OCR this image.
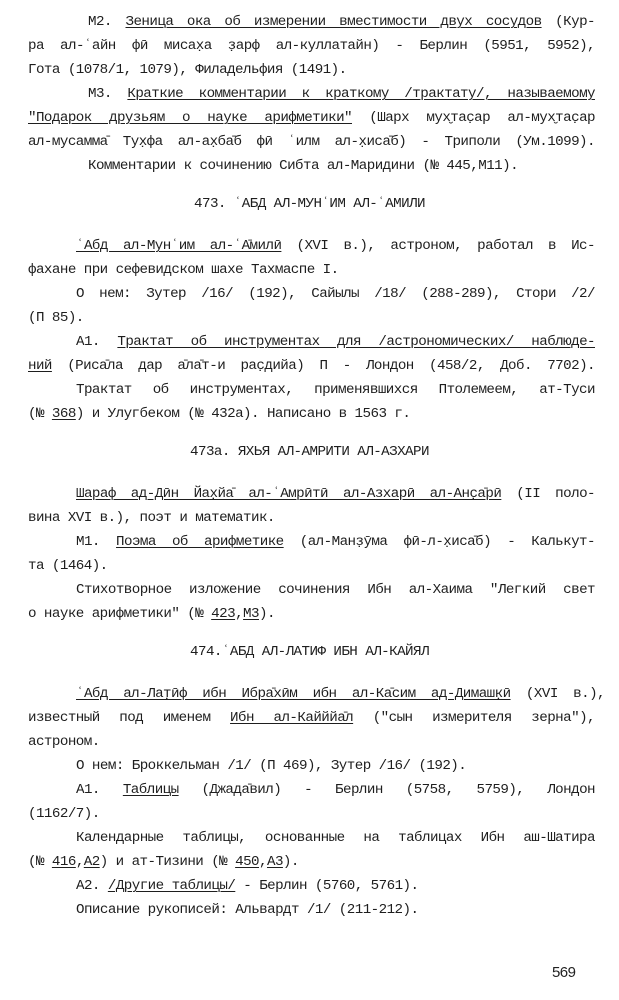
М2. Зеница ока об измерении вместимости двух сосудов (Кур-
ра ал-ʿайн фӣ мисах̣а з̣арф ал-куллатайн) - Берлин (5951, 5952),
Гота (1078/1, 1079), Филадельфия (1491).
М3. Краткие комментарии к краткому /трактату/, называемому
"Подарок друзьям о науке арифметики" (Шарх мух̮тас̣ар ал-мух̮тас̣ар
ал-мусамма̄ Тух̣фа ал-ах̣ба̄б фӣ ʿилм ал-х̣иса̄б) - Триполи (Ум.1099).
Комментарии к сочинению Сибта ал-Маридини (№ 445,М11).
473. ʿАБД АЛ-МУНʿИМ АЛ-ʿАМИЛИ
ʿАбд ал-Мунʿим ал-ʿА̄милӣ (XVI в.), астроном, работал в Ис-
фахане при сефевидском шахе Тахмаспе I.
О нем: Зутер /16/ (192), Сайылы /18/ (288-289), Стори /2/
(П 85).
А1. Трактат об инструментах для /астрономических/ наблюде-
ний (Риса̄ла дар а̄ла̄т-и рас̣дийа) П - Лондон (458/2, Доб. 7702).
Трактат об инструментах, применявшихся Птолемеем, ат-Туси
(№ 368) и Улугбеком (№ 432а). Написано в 1563 г.
473а. ЯХЬЯ АЛ-АМРИТИ АЛ-АЗХАРИ
Шараф ад-Дӣн Йах̣йа̄ ал-ʿАмрӣтӣ ал-Азхарӣ ал-Анс̣а̄рӣ (II поло-
вина XVI в.), поэт и математик.
М1. Поэма об арифметике (ал-Манз̣ӯма фӣ-л-х̣иса̄б) - Калькут-
та (1464).
Стихотворное изложение сочинения Ибн ал-Хаима "Легкий свет
о науке арифметики" (№ 423,М3).
474.ʿАБД АЛ-ЛАТИФ ИБН АЛ-КАЙЯЛ
ʿАбд ал-Лат̣ӣф ибн Ибра̄хӣм ибн ал-Ка̄сим ад-Димашк̣ӣ (XVI в.),
известный под именем Ибн ал-Кайййа̄л ("сын измерителя зерна"),
астроном.
О нем: Броккельман /1/ (П 469), Зутер /16/ (192).
А1. Таблицы (Джада̄вил) - Берлин (5758, 5759), Лондон
(1162/7).
Календарные таблицы, основанные на таблицах Ибн аш-Шатира
(№ 416,А2) и ат-Тизини (№ 450,А3).
А2. /Другие таблицы/ - Берлин (5760, 5761).
Описание рукописей: Альвардт /1/ (211-212).
569
